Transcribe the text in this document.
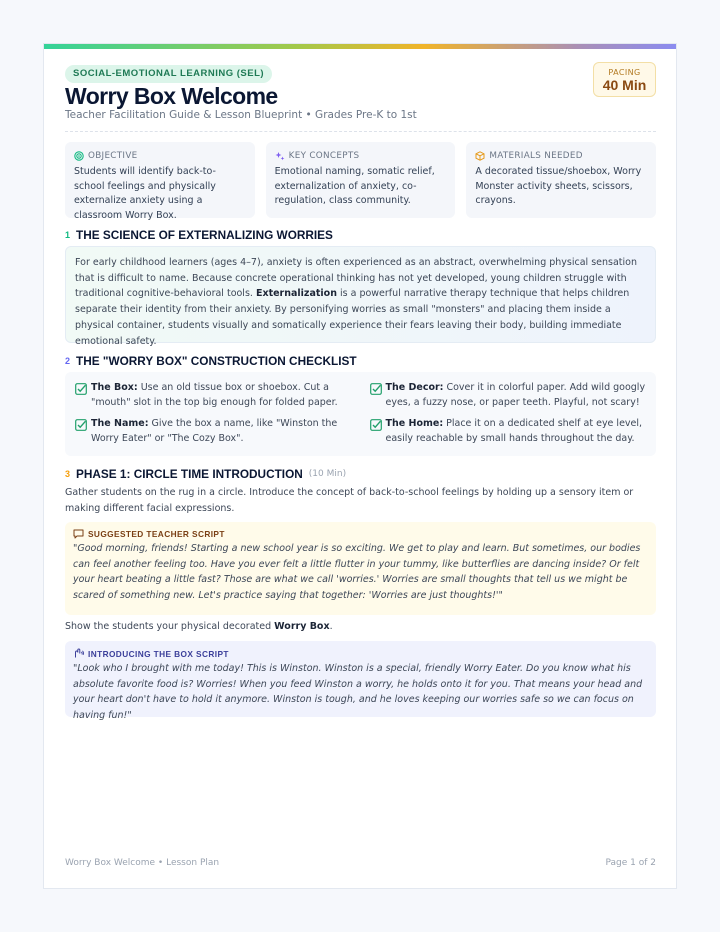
SOCIAL-EMOTIONAL LEARNING (SEL)
Worry Box Welcome
Teacher Facilitation Guide & Lesson Blueprint • Grades Pre-K to 1st
PACING
40 Min
OBJECTIVE
Students will identify back-to-school feelings and physically externalize anxiety using a classroom Worry Box.
KEY CONCEPTS
Emotional naming, somatic relief, externalization of anxiety, co-regulation, class community.
MATERIALS NEEDED
A decorated tissue/shoebox, Worry Monster activity sheets, scissors, crayons.
1 THE SCIENCE OF EXTERNALIZING WORRIES
For early childhood learners (ages 4–7), anxiety is often experienced as an abstract, overwhelming physical sensation that is difficult to name. Because concrete operational thinking has not yet developed, young children struggle with traditional cognitive-behavioral tools. Externalization is a powerful narrative therapy technique that helps children separate their identity from their anxiety. By personifying worries as small "monsters" and placing them inside a physical container, students visually and somatically experience their fears leaving their body, building immediate emotional safety.
2 THE "WORRY BOX" CONSTRUCTION CHECKLIST
The Box: Use an old tissue box or shoebox. Cut a "mouth" slot in the top big enough for folded paper.
The Decor: Cover it in colorful paper. Add wild googly eyes, a fuzzy nose, or paper teeth. Playful, not scary!
The Name: Give the box a name, like "Winston the Worry Eater" or "The Cozy Box".
The Home: Place it on a dedicated shelf at eye level, easily reachable by small hands throughout the day.
3 PHASE 1: CIRCLE TIME INTRODUCTION (10 Min)
Gather students on the rug in a circle. Introduce the concept of back-to-school feelings by holding up a sensory item or making different facial expressions.
SUGGESTED TEACHER SCRIPT
"Good morning, friends! Starting a new school year is so exciting. We get to play and learn. But sometimes, our bodies can feel another feeling too. Have you ever felt a little flutter in your tummy, like butterflies are dancing inside? Or felt your heart beating a little fast? Those are what we call 'worries.' Worries are small thoughts that tell us we might be scared of something new. Let's practice saying that together: 'Worries are just thoughts!'"
Show the students your physical decorated Worry Box.
INTRODUCING THE BOX SCRIPT
"Look who I brought with me today! This is Winston. Winston is a special, friendly Worry Eater. Do you know what his absolute favorite food is? Worries! When you feed Winston a worry, he holds onto it for you. That means your head and your heart don't have to hold it anymore. Winston is tough, and he loves keeping our worries safe so we can focus on having fun!"
Worry Box Welcome • Lesson Plan	Page 1 of 2
